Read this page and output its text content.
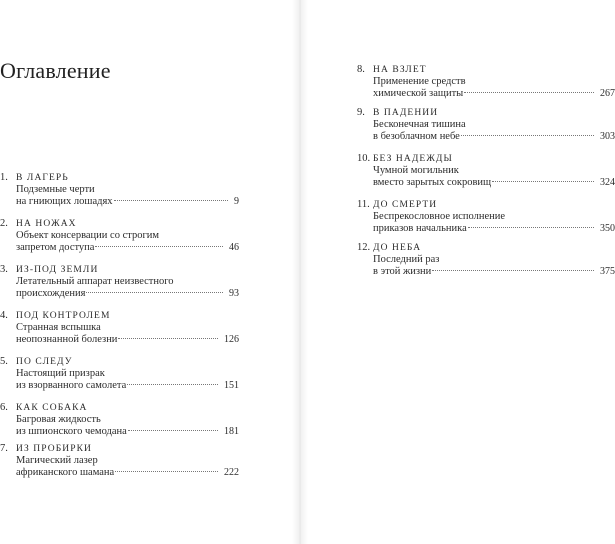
Оглавление
1. В ЛАГЕРЬ
Подземные черти
на гниющих лошадях	9
2. НА НОЖАХ
Объект консервации со строгим
запретом доступа	46
3. ИЗ-ПОД ЗЕМЛИ
Летательный аппарат неизвестного
происхождения	93
4. ПОД КОНТРОЛЕМ
Странная вспышка
неопознанной болезни	126
5. ПО СЛЕДУ
Настоящий призрак
из взорванного самолета	151
6. КАК СОБАКА
Багровая жидкость
из шпионского чемодана	181
7. ИЗ ПРОБИРКИ
Магический лазер
африканского шамана	222
8. НА ВЗЛЕТ
Применение средств
химической защиты	267
9. В ПАДЕНИИ
Бесконечная тишина
в безоблачном небе	303
10. БЕЗ НАДЕЖДЫ
Чумной могильник
вместо зарытых сокровищ	324
11. ДО СМЕРТИ
Беспрекословное исполнение
приказов начальника	350
12. ДО НЕБА
Последний раз
в этой жизни	375
